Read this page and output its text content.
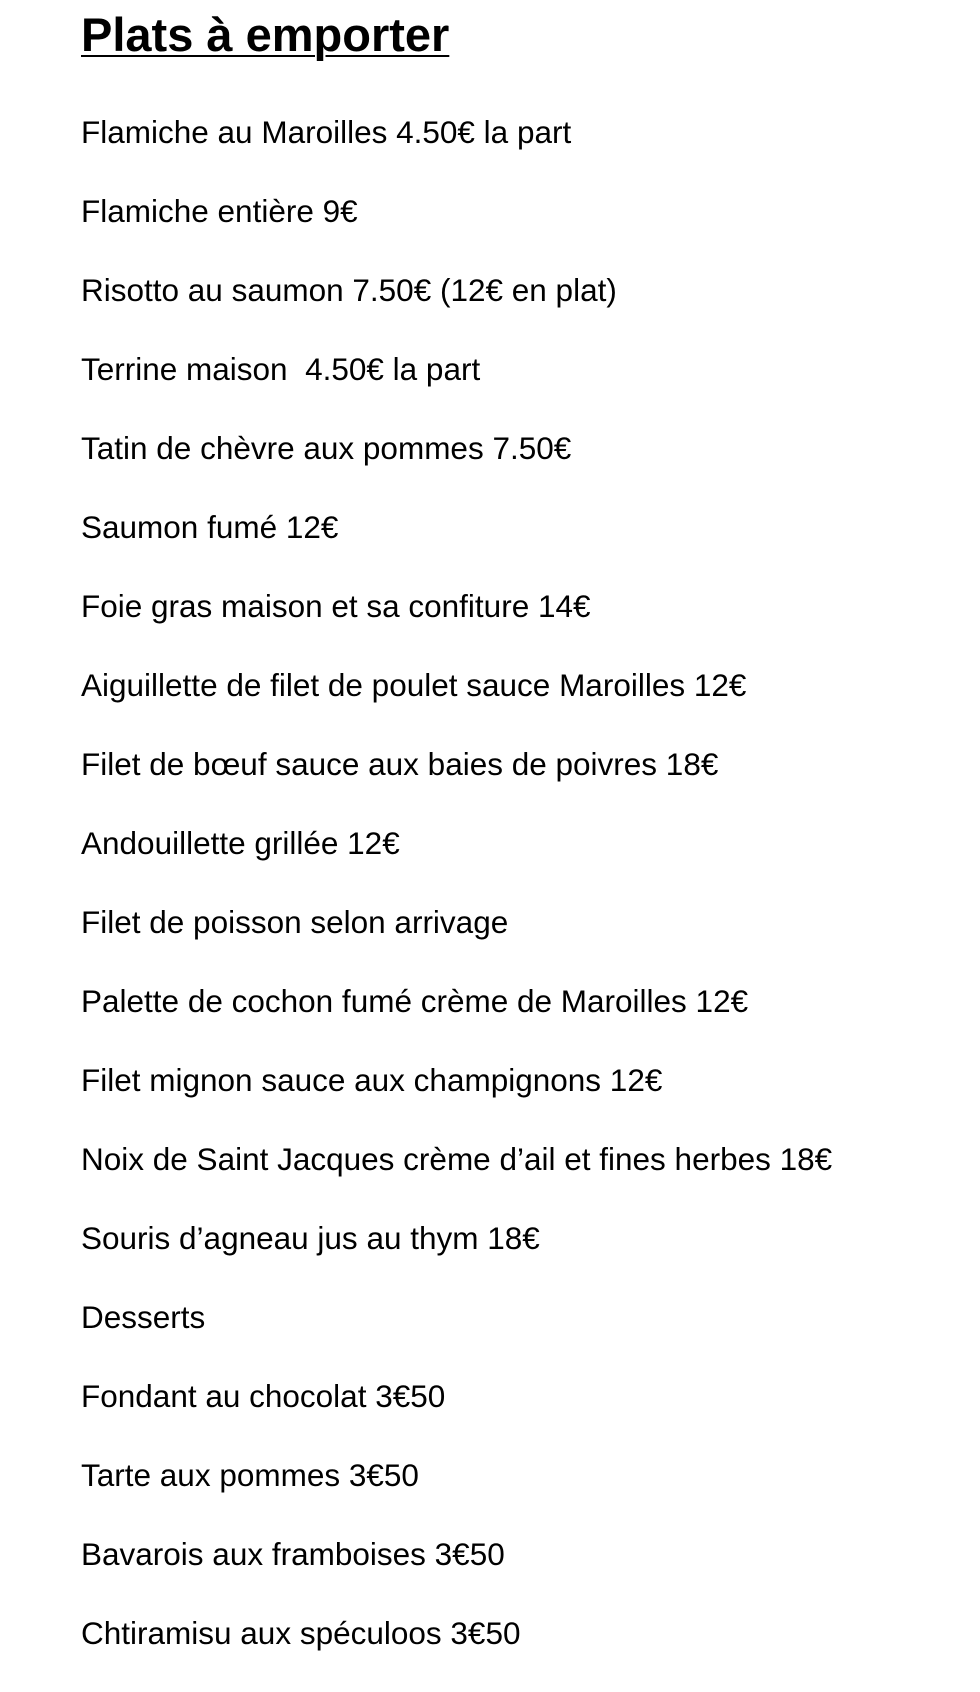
Plats à emporter
Flamiche au Maroilles 4.50€ la part
Flamiche entière 9€
Risotto au saumon 7.50€ (12€ en plat)
Terrine maison  4.50€ la part
Tatin de chèvre aux pommes 7.50€
Saumon fumé 12€
Foie gras maison et sa confiture 14€
Aiguillette de filet de poulet sauce Maroilles 12€
Filet de bœuf sauce aux baies de poivres 18€
Andouillette grillée 12€
Filet de poisson selon arrivage
Palette de cochon fumé crème de Maroilles 12€
Filet mignon sauce aux champignons 12€
Noix de Saint Jacques crème d’ail et fines herbes 18€
Souris d’agneau jus au thym 18€
Desserts
Fondant au chocolat 3€50
Tarte aux pommes 3€50
Bavarois aux framboises 3€50
Chtiramisu aux spéculoos 3€50
